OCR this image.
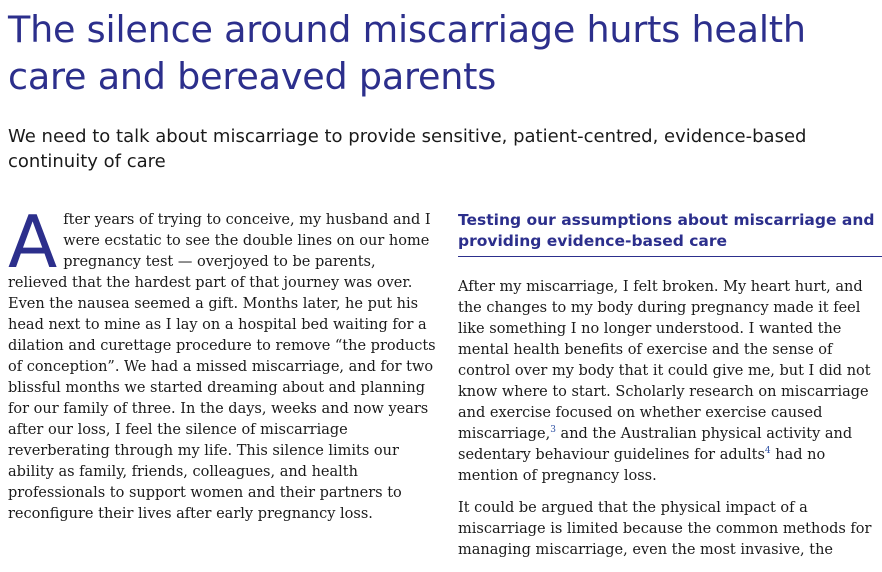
The silence around miscarriage hurts health care and bereaved parents
We need to talk about miscarriage to provide sensitive, patient-centred, evidence-based continuity of care

After years of trying to conceive, my husband and I were ecstatic to see the double lines on our home pregnancy test — overjoyed to be parents, relieved that the hardest part of that journey was over. Even the nausea seemed a gift. Months later, he put his head next to mine as I lay on a hospital bed waiting for a dilation and curettage procedure to remove “the products of conception”. We had a missed miscarriage, and for two blissful months we started dreaming about and planning for our family of three. In the days, weeks and now years after our loss, I feel the silence of miscarriage reverberating through my life. This silence limits our ability as family, friends, colleagues, and health professionals to support women and their partners to reconfigure their lives after early pregnancy loss.

Testing our assumptions about miscarriage and providing evidence-based care

After my miscarriage, I felt broken. My heart hurt, and the changes to my body during pregnancy made it feel like something I no longer understood. I wanted the mental health benefits of exercise and the sense of control over my body that it could give me, but I did not know where to start. Scholarly research on miscarriage and exercise focused on whether exercise caused miscarriage,$^3$ and the Australian physical activity and sedentary behaviour guidelines for adults$^4$ had no mention of pregnancy loss.

It could be argued that the physical impact of a miscarriage is limited because the common methods for managing miscarriage, even the most invasive, the
